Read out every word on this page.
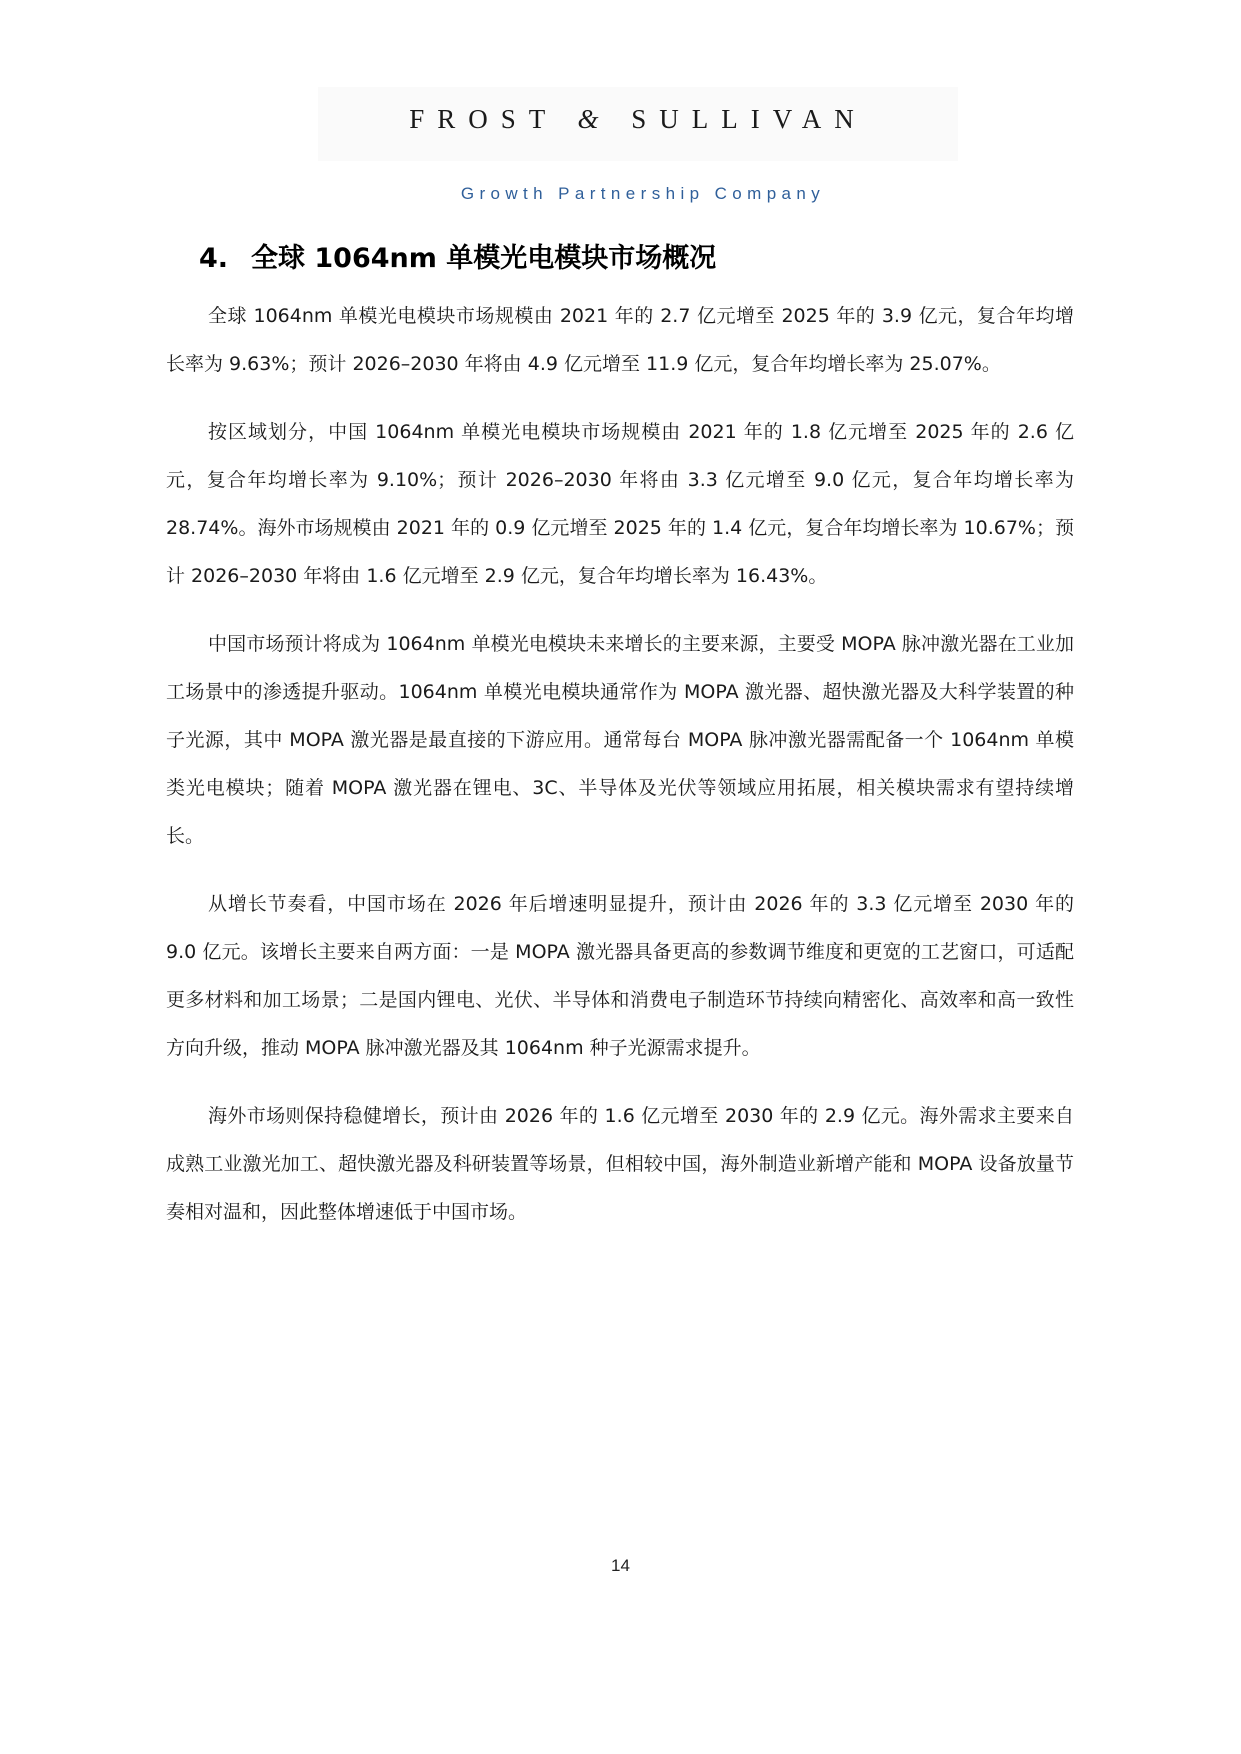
FROST & SULLIVAN
Growth Partnership Company
4. 全球 1064nm 单模光电模块市场概况

全球 1064nm 单模光电模块市场规模由 2021 年的 2.7 亿元增至 2025 年的 3.9 亿元，复合年均增长率为 9.63%；预计 2026–2030 年将由 4.9 亿元增至 11.9 亿元，复合年均增长率为 25.07%。

按区域划分，中国 1064nm 单模光电模块市场规模由 2021 年的 1.8 亿元增至 2025 年的 2.6 亿元，复合年均增长率为 9.10%；预计 2026–2030 年将由 3.3 亿元增至 9.0 亿元，复合年均增长率为 28.74%。海外市场规模由 2021 年的 0.9 亿元增至 2025 年的 1.4 亿元，复合年均增长率为 10.67%；预计 2026–2030 年将由 1.6 亿元增至 2.9 亿元，复合年均增长率为 16.43%。

中国市场预计将成为 1064nm 单模光电模块未来增长的主要来源，主要受 MOPA 脉冲激光器在工业加工场景中的渗透提升驱动。1064nm 单模光电模块通常作为 MOPA 激光器、超快激光器及大科学装置的种子光源，其中 MOPA 激光器是最直接的下游应用。通常每台 MOPA 脉冲激光器需配备一个 1064nm 单模类光电模块；随着 MOPA 激光器在锂电、3C、半导体及光伏等领域应用拓展，相关模块需求有望持续增长。

从增长节奏看，中国市场在 2026 年后增速明显提升，预计由 2026 年的 3.3 亿元增至 2030 年的 9.0 亿元。该增长主要来自两方面：一是 MOPA 激光器具备更高的参数调节维度和更宽的工艺窗口，可适配更多材料和加工场景；二是国内锂电、光伏、半导体和消费电子制造环节持续向精密化、高效率和高一致性方向升级，推动 MOPA 脉冲激光器及其 1064nm 种子光源需求提升。

海外市场则保持稳健增长，预计由 2026 年的 1.6 亿元增至 2030 年的 2.9 亿元。海外需求主要来自成熟工业激光加工、超快激光器及科研装置等场景，但相较中国，海外制造业新增产能和 MOPA 设备放量节奏相对温和，因此整体增速低于中国市场。

14
